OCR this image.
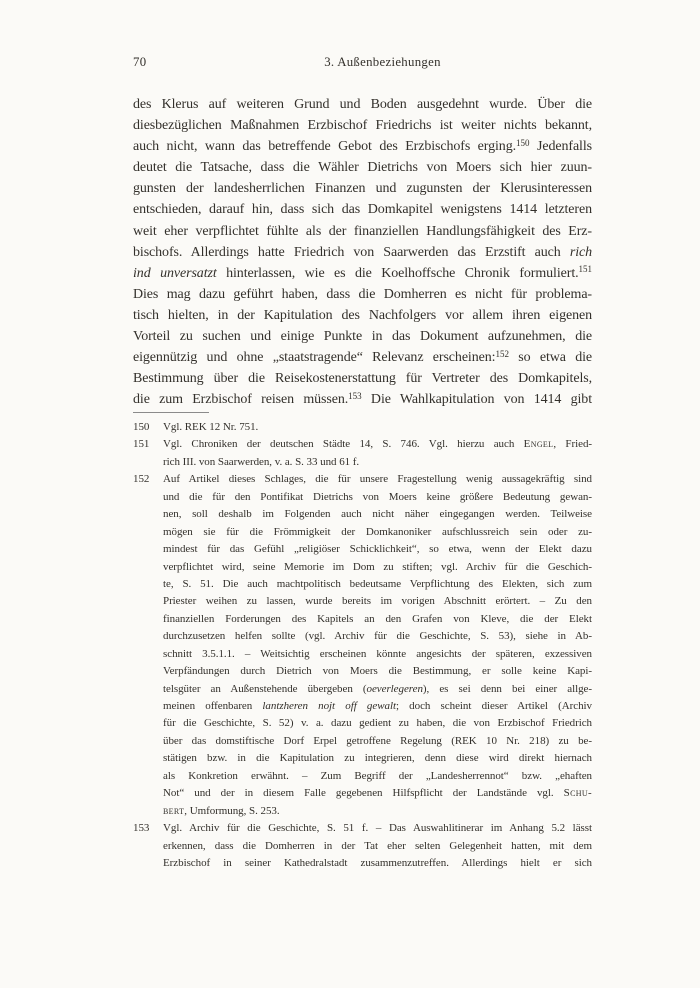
70	3. Außenbeziehungen
des Klerus auf weiteren Grund und Boden ausgedehnt wurde. Über die
diesbezüglichen Maßnahmen Erzbischof Friedrichs ist weiter nichts bekannt,
auch nicht, wann das betreffende Gebot des Erzbischofs erging.$^{150}$ Jedenfalls
deutet die Tatsache, dass die Wähler Dietrichs von Moers sich hier zuun-
gunsten der landesherrlichen Finanzen und zugunsten der Klerusinteressen
entschieden, darauf hin, dass sich das Domkapitel wenigstens 1414 letzteren
weit eher verpflichtet fühlte als der finanziellen Handlungsfähigkeit des Erz-
bischofs. Allerdings hatte Friedrich von Saarwerden das Erzstift auch rich
ind unversatzt hinterlassen, wie es die Koelhoffsche Chronik formuliert.$^{151}$
Dies mag dazu geführt haben, dass die Domherren es nicht für problema-
tisch hielten, in der Kapitulation des Nachfolgers vor allem ihren eigenen
Vorteil zu suchen und einige Punkte in das Dokument aufzunehmen, die
eigennützig und ohne „staatstragende“ Relevanz erscheinen:$^{152}$ so etwa die
Bestimmung über die Reisekostenerstattung für Vertreter des Domkapitels,
die zum Erzbischof reisen müssen.$^{153}$ Die Wahlkapitulation von 1414 gibt
150	Vgl. REK 12 Nr. 751.
151	Vgl. Chroniken der deutschen Städte 14, S. 746. Vgl. hierzu auch Engel, Fried-
rich III. von Saarwerden, v. a. S. 33 und 61 f.
152	Auf Artikel dieses Schlages, die für unsere Fragestellung wenig aussagekräftig sind
und die für den Pontifikat Dietrichs von Moers keine größere Bedeutung gewan-
nen, soll deshalb im Folgenden auch nicht näher eingegangen werden. Teilweise
mögen sie für die Frömmigkeit der Domkanoniker aufschlussreich sein oder zu-
mindest für das Gefühl „religiöser Schicklichkeit“, so etwa, wenn der Elekt dazu
verpflichtet wird, seine Memorie im Dom zu stiften; vgl. Archiv für die Geschich-
te, S. 51. Die auch machtpolitisch bedeutsame Verpflichtung des Elekten, sich zum
Priester weihen zu lassen, wurde bereits im vorigen Abschnitt erörtert. – Zu den
finanziellen Forderungen des Kapitels an den Grafen von Kleve, die der Elekt
durchzusetzen helfen sollte (vgl. Archiv für die Geschichte, S. 53), siehe in Ab-
schnitt 3.5.1.1. – Weitsichtig erscheinen könnte angesichts der späteren, exzessiven
Verpfändungen durch Dietrich von Moers die Bestimmung, er solle keine Kapi-
telsgüter an Außenstehende übergeben (oeverlegeren), es sei denn bei einer allge-
meinen offenbaren lantzheren nojt off gewalt; doch scheint dieser Artikel (Archiv
für die Geschichte, S. 52) v. a. dazu gedient zu haben, die von Erzbischof Friedrich
über das domstiftische Dorf Erpel getroffene Regelung (REK 10 Nr. 218) zu be-
stätigen bzw. in die Kapitulation zu integrieren, denn diese wird direkt hiernach
als Konkretion erwähnt. – Zum Begriff der „Landesherrennot“ bzw. „ehaften
Not“ und der in diesem Falle gegebenen Hilfspflicht der Landstände vgl. Schu-
bert, Umformung, S. 253.
153	Vgl. Archiv für die Geschichte, S. 51 f. – Das Auswahlitinerar im Anhang 5.2 lässt
erkennen, dass die Domherren in der Tat eher selten Gelegenheit hatten, mit dem
Erzbischof in seiner Kathedralstadt zusammenzutreffen. Allerdings hielt er sich
